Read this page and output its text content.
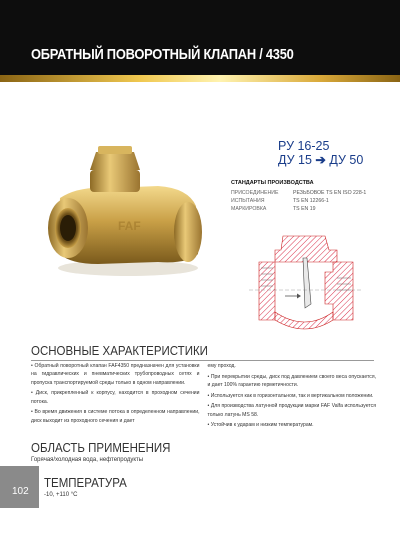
ОБРАТНЫЙ ПОВОРОТНЫЙ КЛАПАН / 4350
FAF
РУ 16-25
ДУ 15 ➔ ДУ 50
СТАНДАРТЫ ПРОИЗВОДСТВА
ПРИСОЕДИНЕНИЕ	РЕЗЬБОВОЕ TS EN ISO 228-1
ИСПЫТАНИЯ	TS EN 12266-1
МАРКИРОВКА	TS EN 19
ОСНОВНЫЕ ХАРАКТЕРИСТИКИ

• Обратный поворотный клапан FAF4350 предназначен для установки на гидравлических и пневматических трубопроводных сетях и пропуска транспортируемой среды только в одном направлении.

• Диск, прикрепленный к корпусу, находится в проходном сечении потока.

• Во время движения в системе потока в определенном направлении, диск выходит из проходного сечения и дает

ему проход.

• При перекрытии среды, диск под давлением своего веса опускается, и дает 100% гарантию герметичности.

• Используется как в горизонтальном, так и вертикальном положении.

• Для производства латунной продукции марки FAF Valfa используется только латунь MS 58.

• Устойчив к ударам и низким температурам.

ОБЛАСТЬ ПРИМЕНЕНИЯ
Горячая/холодная вода, нефтепродукты
102
ТЕМПЕРАТУРА
-10, +110 °C
